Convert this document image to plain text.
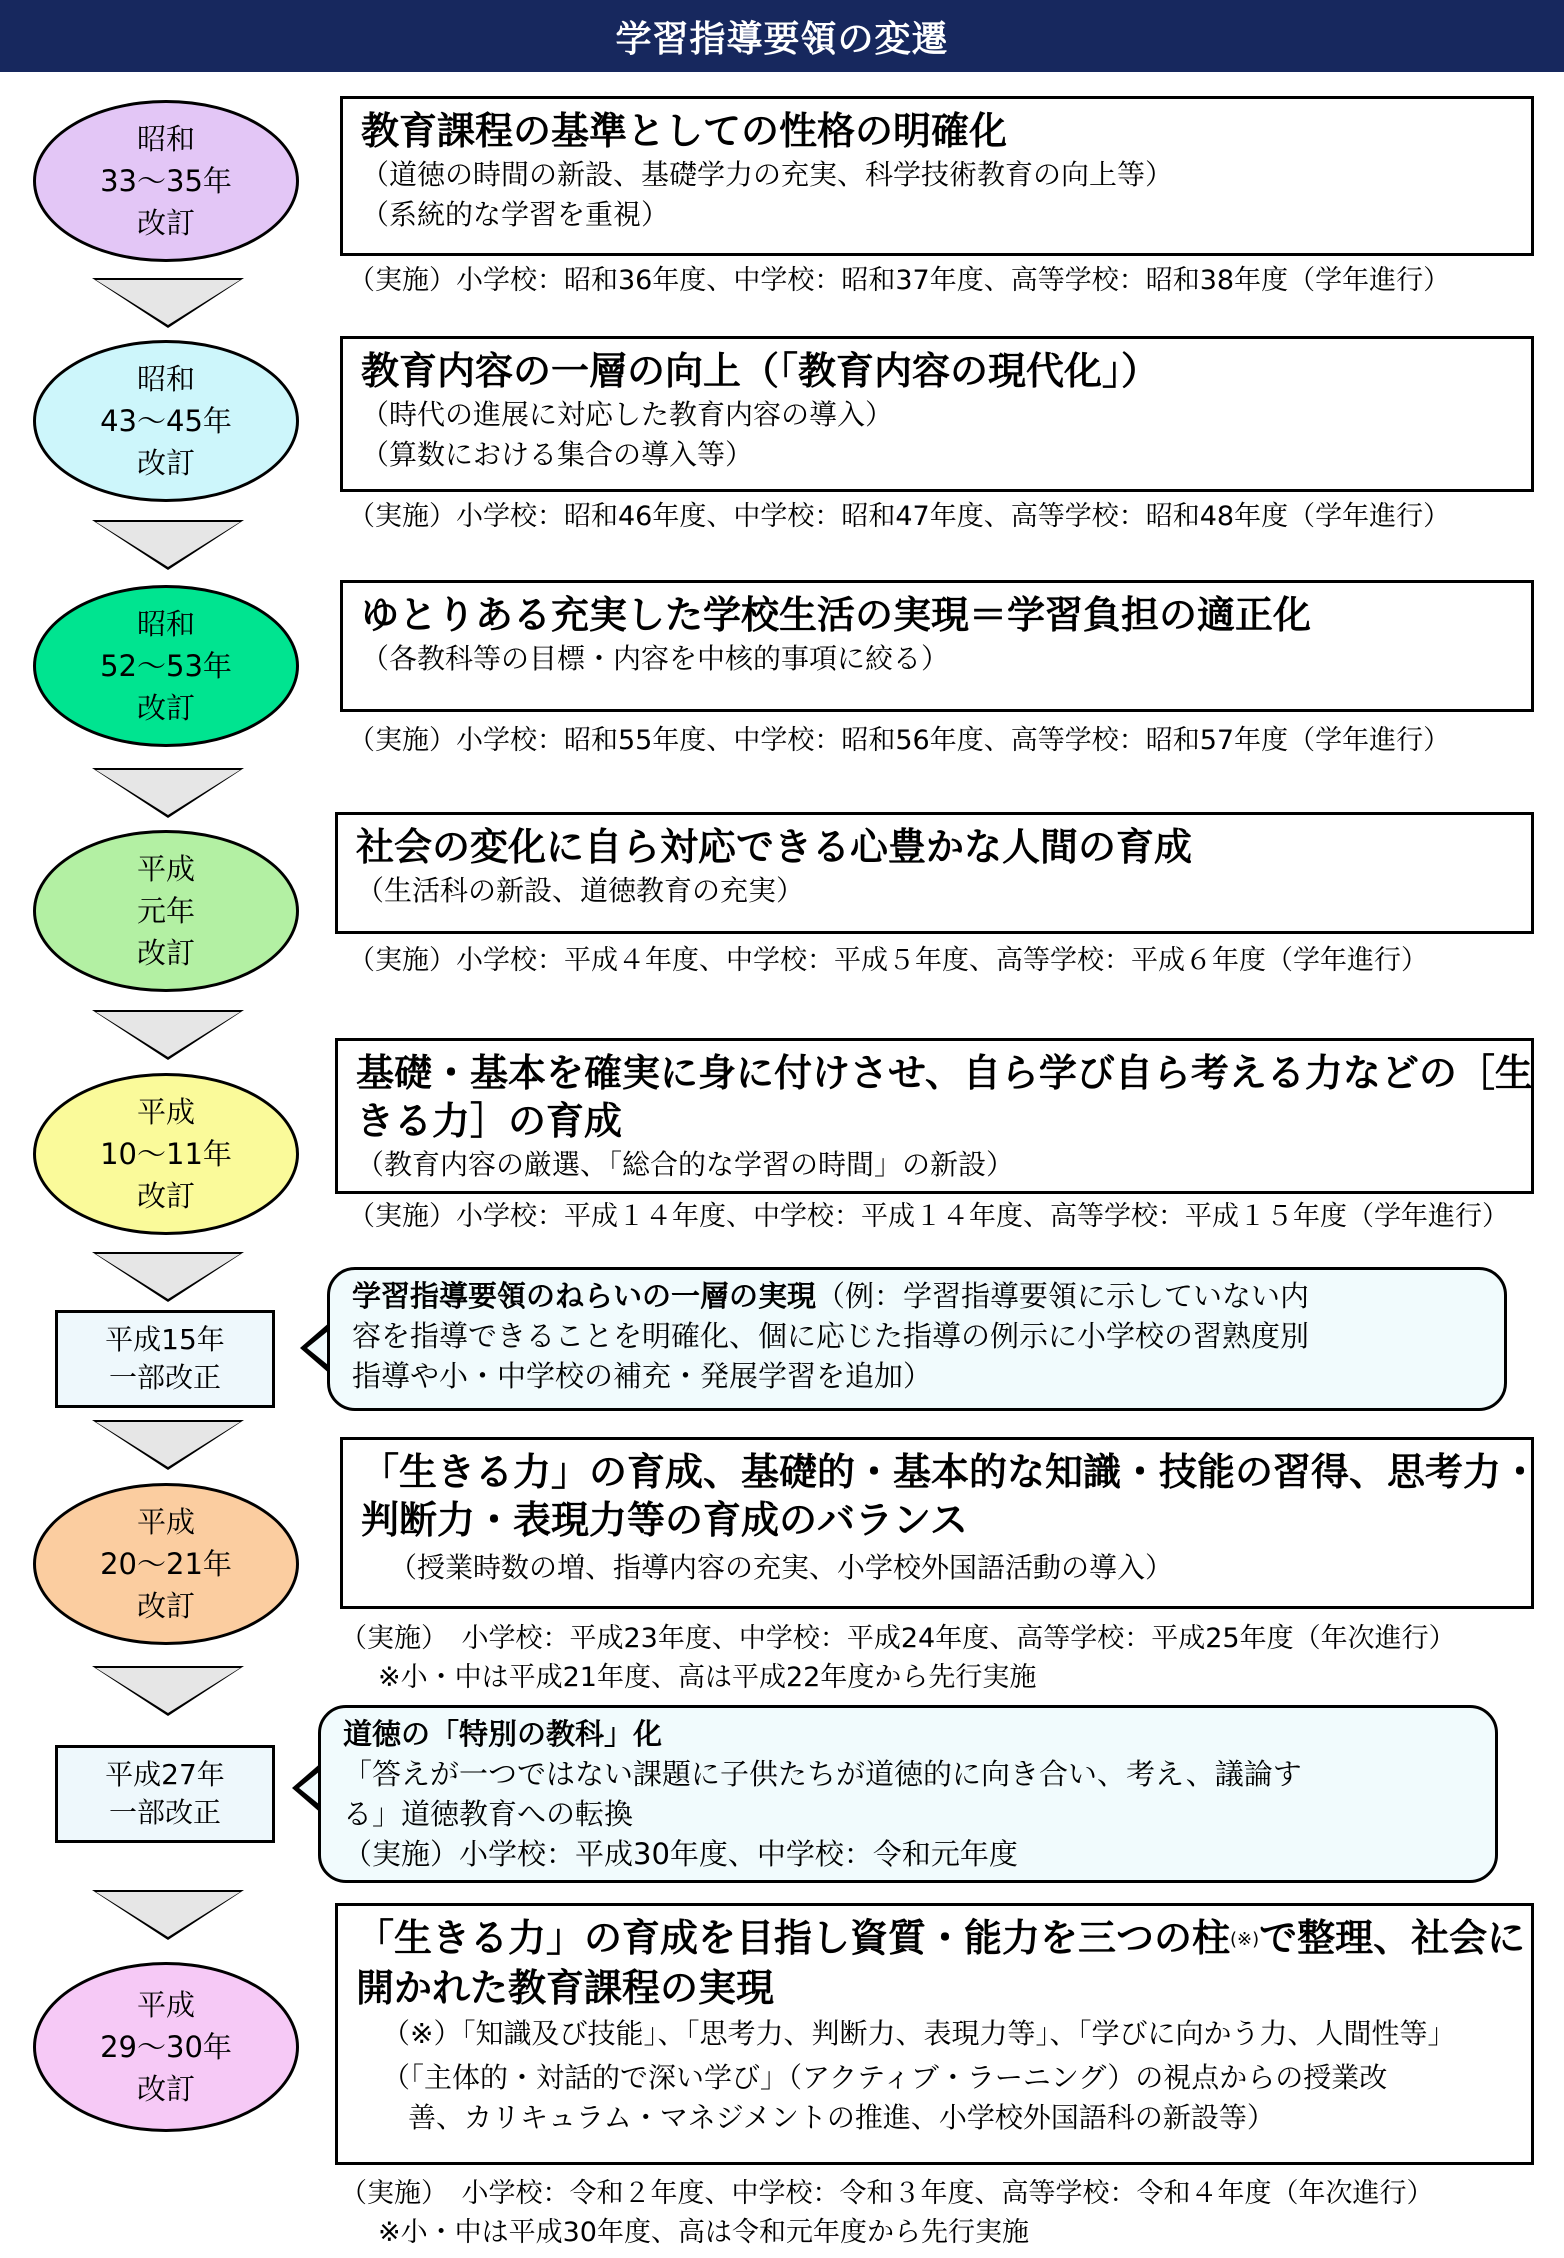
学習指導要領の変遷
昭和
33～35年
改訂
教育課程の基準としての性格の明確化
（道徳の時間の新設、基礎学力の充実、科学技術教育の向上等）
（系統的な学習を重視）
（実施）小学校：昭和36年度、中学校：昭和37年度、高等学校：昭和38年度（学年進行）
昭和
43～45年
改訂
教育内容の一層の向上（「教育内容の現代化」）
（時代の進展に対応した教育内容の導入）
（算数における集合の導入等）
（実施）小学校：昭和46年度、中学校：昭和47年度、高等学校：昭和48年度（学年進行）
昭和
52～53年
改訂
ゆとりある充実した学校生活の実現＝学習負担の適正化
（各教科等の目標・内容を中核的事項に絞る）
（実施）小学校：昭和55年度、中学校：昭和56年度、高等学校：昭和57年度（学年進行）
平成
元年
改訂
社会の変化に自ら対応できる心豊かな人間の育成
（生活科の新設、道徳教育の充実）
（実施）小学校：平成４年度、中学校：平成５年度、高等学校：平成６年度（学年進行）
平成
10～11年
改訂
基礎・基本を確実に身に付けさせ、自ら学び自ら考える力などの［生
きる力］の育成
（教育内容の厳選、「総合的な学習の時間」の新設）
（実施）小学校：平成１４年度、中学校：平成１４年度、高等学校：平成１５年度（学年進行）
平成15年
一部改正
学習指導要領のねらいの一層の実現（例：学習指導要領に示していない内
容を指導できることを明確化、個に応じた指導の例示に小学校の習熟度別
指導や小・中学校の補充・発展学習を追加）
平成
20～21年
改訂
「生きる力」の育成、基礎的・基本的な知識・技能の習得、思考力・
判断力・表現力等の育成のバランス
（授業時数の増、指導内容の充実、小学校外国語活動の導入）
（実施）　小学校：平成23年度、中学校：平成24年度、高等学校：平成25年度（年次進行）
※小・中は平成21年度、高は平成22年度から先行実施
平成27年
一部改正
道徳の「特別の教科」化
「答えが一つではない課題に子供たちが道徳的に向き合い、考え、議論す
る」道徳教育への転換
（実施）小学校：平成30年度、中学校：令和元年度
平成
29～30年
改訂
「生きる力」の育成を目指し資質・能力を三つの柱(※)で整理、社会に
開かれた教育課程の実現
（※）「知識及び技能」、「思考力、判断力、表現力等」、「学びに向かう力、人間性等」
（「主体的・対話的で深い学び」（アクティブ・ラーニング）の視点からの授業改
善、カリキュラム・マネジメントの推進、小学校外国語科の新設等）
（実施）　小学校：令和２年度、中学校：令和３年度、高等学校：令和４年度（年次進行）
※小・中は平成30年度、高は令和元年度から先行実施
